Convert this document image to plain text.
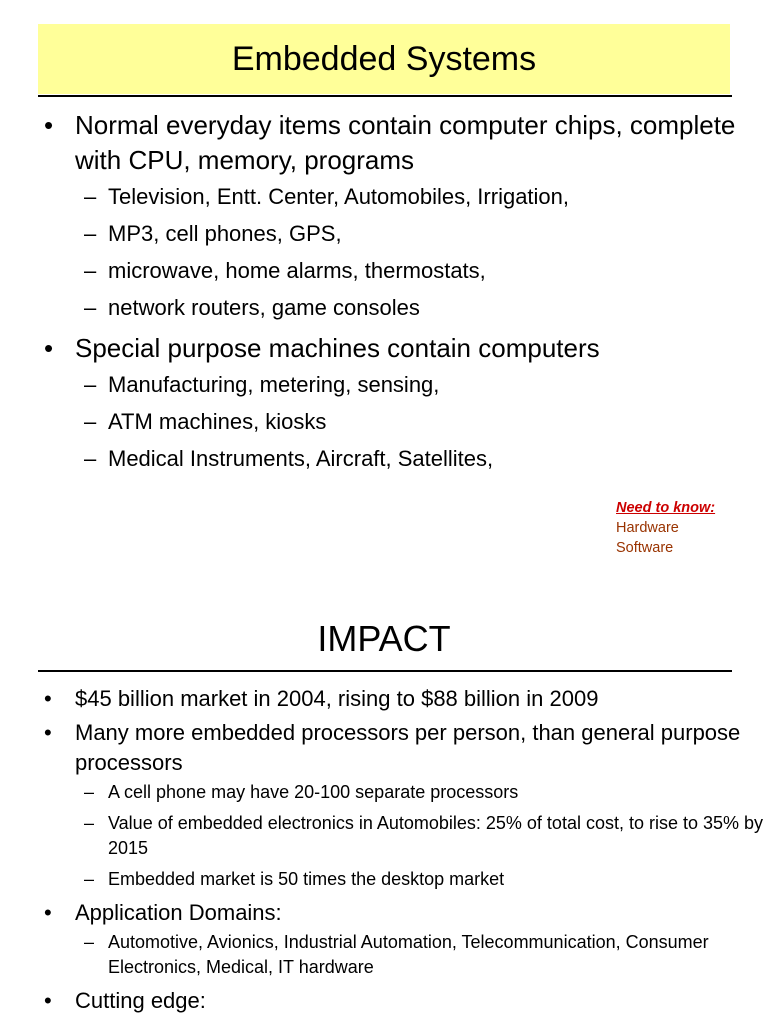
Embedded Systems
• Normal everyday items contain computer chips, complete with CPU, memory, programs
– Television, Entt. Center, Automobiles, Irrigation,
– MP3, cell phones, GPS,
– microwave, home alarms, thermostats,
– network routers, game consoles
• Special purpose machines contain computers
– Manufacturing, metering, sensing,
– ATM machines, kiosks
– Medical Instruments, Aircraft, Satellites,
Need to know:
Hardware
Software
IMPACT
• $45 billion market in 2004, rising to $88 billion in 2009
• Many more embedded processors per person, than general purpose processors
– A cell phone may have 20-100 separate processors
– Value of embedded electronics in Automobiles: 25% of total cost, to rise to 35% by 2015
– Embedded market is 50 times the desktop market
• Application Domains:
– Automotive, Avionics, Industrial Automation, Telecommunication, Consumer Electronics, Medical, IT hardware
• Cutting edge:
